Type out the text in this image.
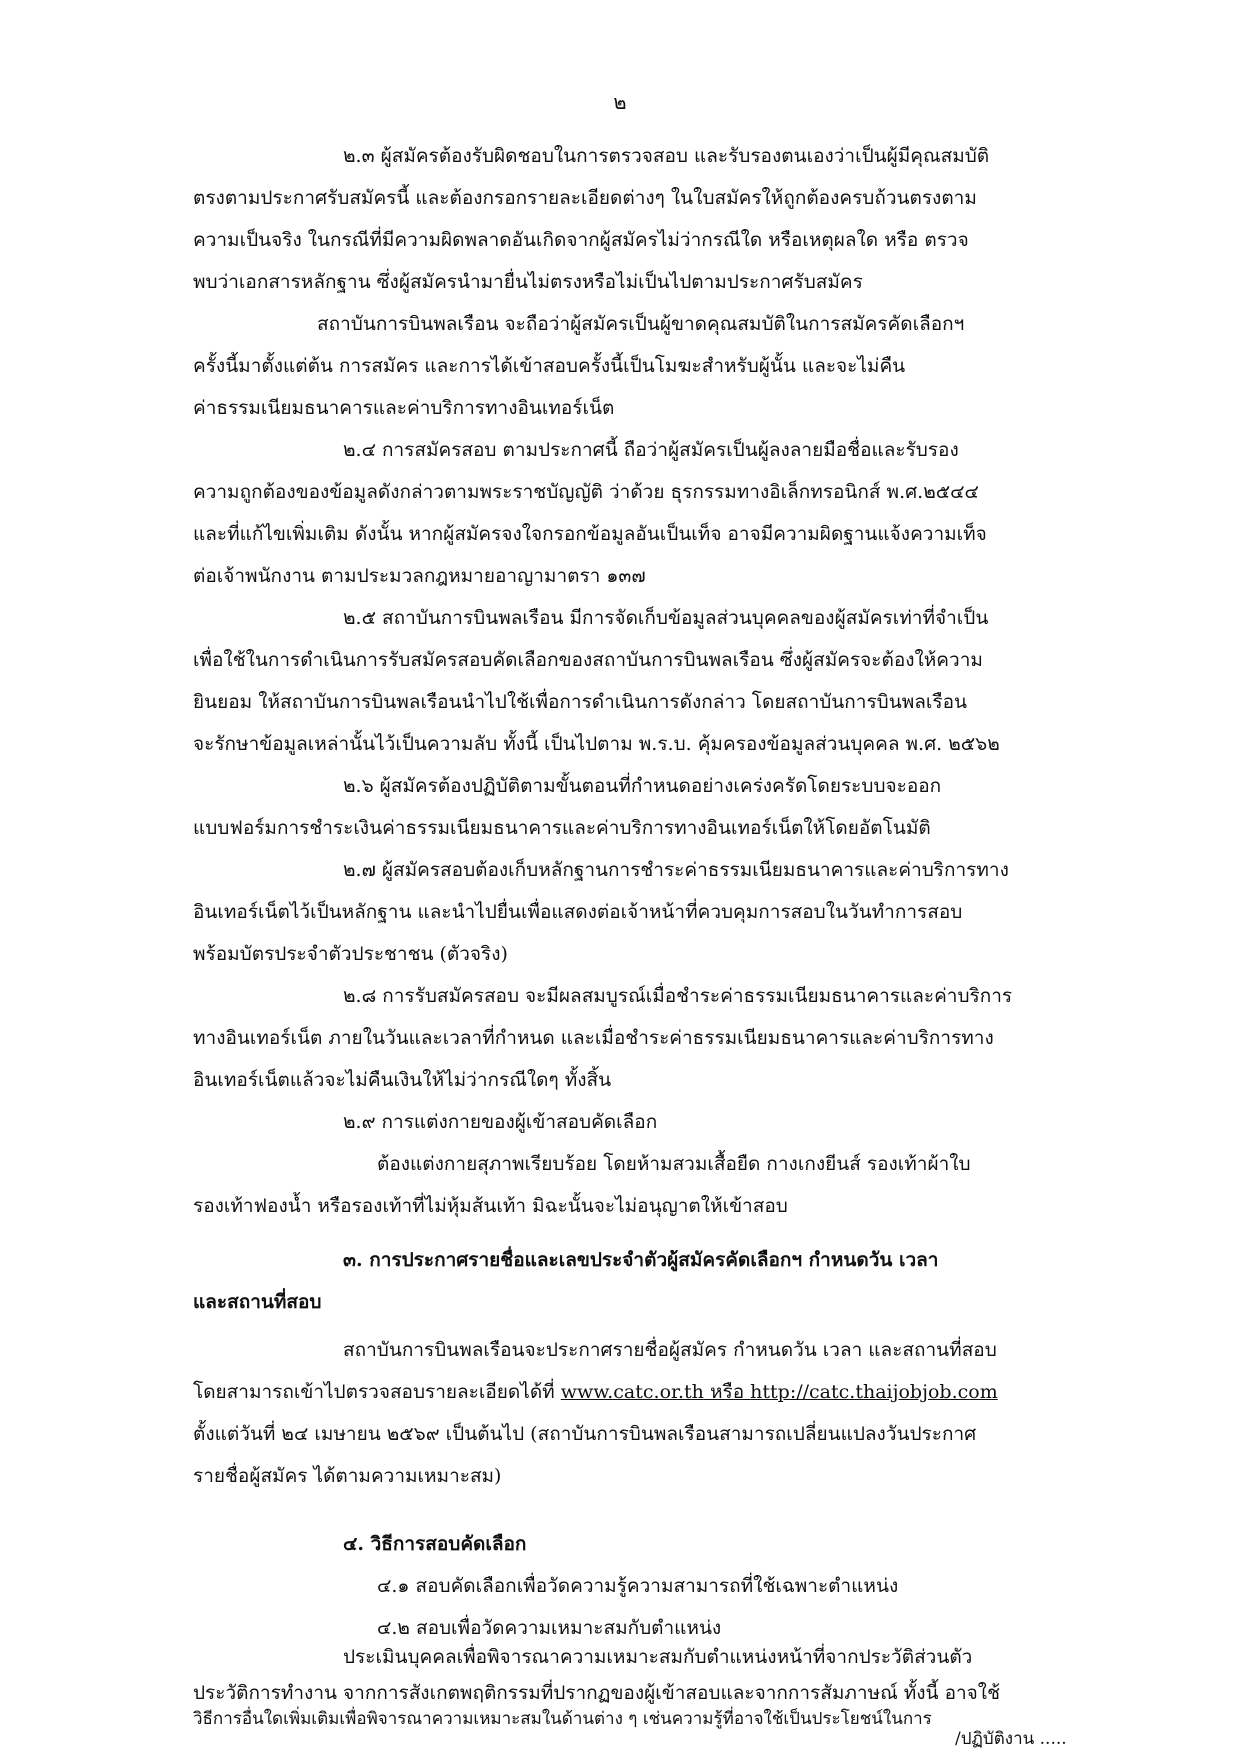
๒

๒.๓ ผู้สมัครต้องรับผิดชอบในการตรวจสอบ และรับรองตนเองว่าเป็นผู้มีคุณสมบัติ

ตรงตามประกาศรับสมัครนี้ และต้องกรอกรายละเอียดต่างๆ ในใบสมัครให้ถูกต้องครบถ้วนตรงตาม

ความเป็นจริง ในกรณีที่มีความผิดพลาดอันเกิดจากผู้สมัครไม่ว่ากรณีใด หรือเหตุผลใด หรือ ตรวจ

พบว่าเอกสารหลักฐาน ซึ่งผู้สมัครนำมายื่นไม่ตรงหรือไม่เป็นไปตามประกาศรับสมัคร

สถาบันการบินพลเรือน จะถือว่าผู้สมัครเป็นผู้ขาดคุณสมบัติในการสมัครคัดเลือกฯ

ครั้งนี้มาตั้งแต่ต้น การสมัคร และการได้เข้าสอบครั้งนี้เป็นโมฆะสำหรับผู้นั้น และจะไม่คืน

ค่าธรรมเนียมธนาคารและค่าบริการทางอินเทอร์เน็ต

๒.๔ การสมัครสอบ ตามประกาศนี้ ถือว่าผู้สมัครเป็นผู้ลงลายมือชื่อและรับรอง

ความถูกต้องของข้อมูลดังกล่าวตามพระราชบัญญัติ ว่าด้วย ธุรกรรมทางอิเล็กทรอนิกส์ พ.ศ.๒๕๔๔

และที่แก้ไขเพิ่มเติม ดังนั้น หากผู้สมัครจงใจกรอกข้อมูลอันเป็นเท็จ อาจมีความผิดฐานแจ้งความเท็จ

ต่อเจ้าพนักงาน ตามประมวลกฎหมายอาญามาตรา ๑๓๗

๒.๕ สถาบันการบินพลเรือน มีการจัดเก็บข้อมูลส่วนบุคคลของผู้สมัครเท่าที่จำเป็น

เพื่อใช้ในการดำเนินการรับสมัครสอบคัดเลือกของสถาบันการบินพลเรือน ซึ่งผู้สมัครจะต้องให้ความ

ยินยอม ให้สถาบันการบินพลเรือนนำไปใช้เพื่อการดำเนินการดังกล่าว โดยสถาบันการบินพลเรือน

จะรักษาข้อมูลเหล่านั้นไว้เป็นความลับ ทั้งนี้ เป็นไปตาม พ.ร.บ. คุ้มครองข้อมูลส่วนบุคคล พ.ศ. ๒๕๖๒

๒.๖ ผู้สมัครต้องปฏิบัติตามขั้นตอนที่กำหนดอย่างเคร่งครัดโดยระบบจะออก

แบบฟอร์มการชำระเงินค่าธรรมเนียมธนาคารและค่าบริการทางอินเทอร์เน็ตให้โดยอัตโนมัติ

๒.๗ ผู้สมัครสอบต้องเก็บหลักฐานการชำระค่าธรรมเนียมธนาคารและค่าบริการทาง

อินเทอร์เน็ตไว้เป็นหลักฐาน และนำไปยื่นเพื่อแสดงต่อเจ้าหน้าที่ควบคุมการสอบในวันทำการสอบ

พร้อมบัตรประจำตัวประชาชน (ตัวจริง)

๒.๘ การรับสมัครสอบ จะมีผลสมบูรณ์เมื่อชำระค่าธรรมเนียมธนาคารและค่าบริการ

ทางอินเทอร์เน็ต ภายในวันและเวลาที่กำหนด และเมื่อชำระค่าธรรมเนียมธนาคารและค่าบริการทาง

อินเทอร์เน็ตแล้วจะไม่คืนเงินให้ไม่ว่ากรณีใดๆ ทั้งสิ้น

๒.๙ การแต่งกายของผู้เข้าสอบคัดเลือก

ต้องแต่งกายสุภาพเรียบร้อย โดยห้ามสวมเสื้อยืด กางเกงยีนส์ รองเท้าผ้าใบ

รองเท้าฟองน้ำ หรือรองเท้าที่ไม่หุ้มส้นเท้า มิฉะนั้นจะไม่อนุญาตให้เข้าสอบ

๓. การประกาศรายชื่อและเลขประจำตัวผู้สมัครคัดเลือกฯ กำหนดวัน เวลา

และสถานที่สอบ

สถาบันการบินพลเรือนจะประกาศรายชื่อผู้สมัคร กำหนดวัน เวลา และสถานที่สอบ

โดยสามารถเข้าไปตรวจสอบรายละเอียดได้ที่ www.catc.or.th หรือ http://catc.thaijobjob.com

ตั้งแต่วันที่ ๒๔ เมษายน ๒๕๖๙ เป็นต้นไป (สถาบันการบินพลเรือนสามารถเปลี่ยนแปลงวันประกาศ

รายชื่อผู้สมัคร ได้ตามความเหมาะสม)

๔. วิธีการสอบคัดเลือก

๔.๑ สอบคัดเลือกเพื่อวัดความรู้ความสามารถที่ใช้เฉพาะตำแหน่ง

๔.๒ สอบเพื่อวัดความเหมาะสมกับตำแหน่ง

ประเมินบุคคลเพื่อพิจารณาความเหมาะสมกับตำแหน่งหน้าที่จากประวัติส่วนตัว

ประวัติการทำงาน จากการสังเกตพฤติกรรมที่ปรากฏของผู้เข้าสอบและจากการสัมภาษณ์ ทั้งนี้ อาจใช้

วิธีการอื่นใดเพิ่มเติมเพื่อพิจารณาความเหมาะสมในด้านต่าง ๆ เช่นความรู้ที่อาจใช้เป็นประโยชน์ในการ

/ปฏิบัติงาน .....
